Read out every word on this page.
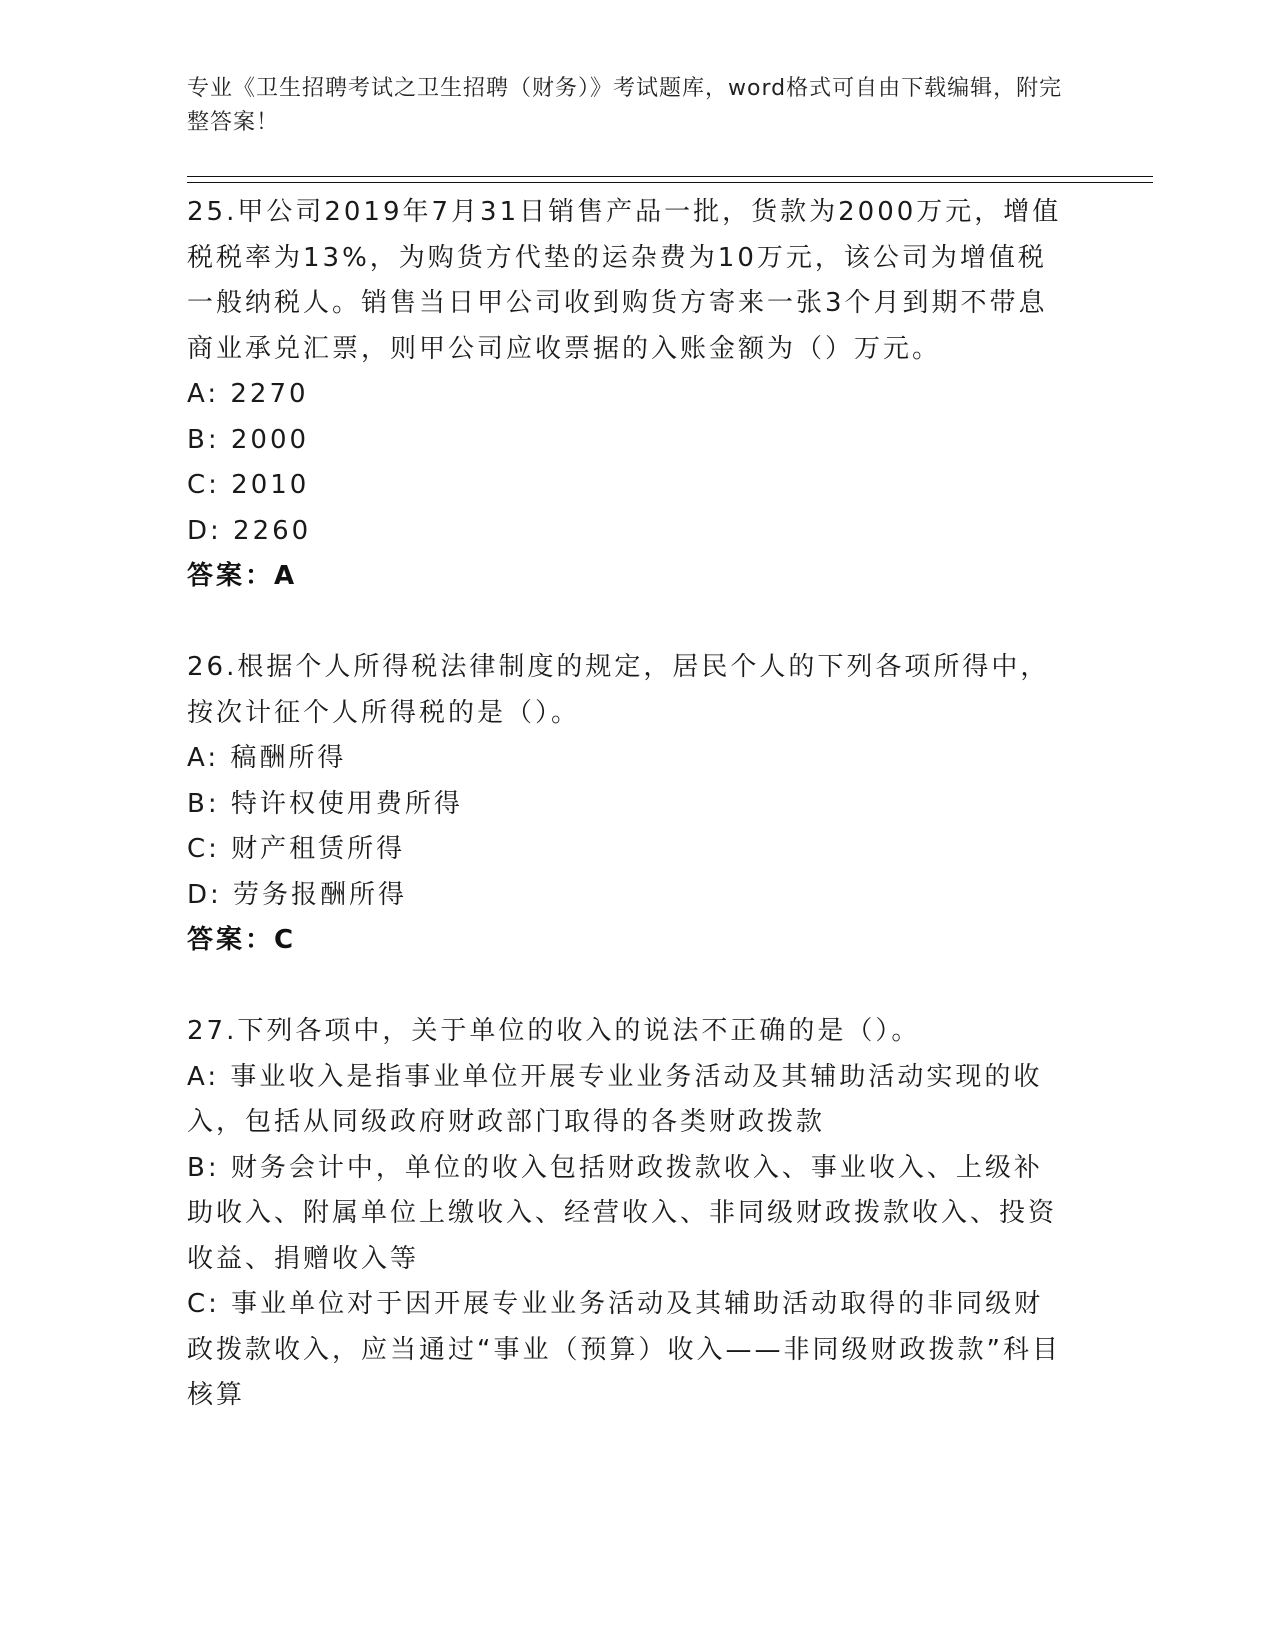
专业《卫生招聘考试之卫生招聘（财务）》考试题库，word格式可自由下载编辑，附完整答案！
25.甲公司2019年7月31日销售产品一批，货款为2000万元，增值税税率为13%，为购货方代垫的运杂费为10万元，该公司为增值税一般纳税人。销售当日甲公司收到购货方寄来一张3个月到期不带息商业承兑汇票，则甲公司应收票据的入账金额为（）万元。
A: 2270
B: 2000
C: 2010
D: 2260
答案：A
26.根据个人所得税法律制度的规定，居民个人的下列各项所得中，按次计征个人所得税的是（）。
A: 稿酬所得
B: 特许权使用费所得
C: 财产租赁所得
D: 劳务报酬所得
答案：C
27.下列各项中，关于单位的收入的说法不正确的是（）。
A: 事业收入是指事业单位开展专业业务活动及其辅助活动实现的收入，包括从同级政府财政部门取得的各类财政拨款
B: 财务会计中，单位的收入包括财政拨款收入、事业收入、上级补助收入、附属单位上缴收入、经营收入、非同级财政拨款收入、投资收益、捐赠收入等
C: 事业单位对于因开展专业业务活动及其辅助活动取得的非同级财政拨款收入，应当通过“事业（预算）收入——非同级财政拨款”科目核算
